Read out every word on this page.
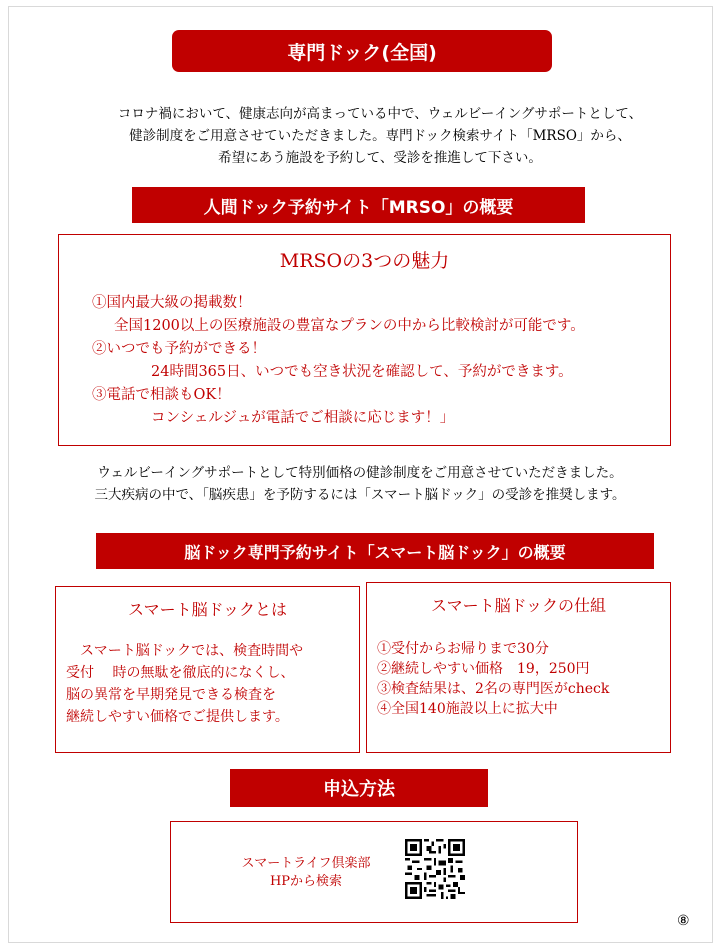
専門ドック(全国)
コロナ禍において、健康志向が高まっている中で、ウェルビーイングサポートとして、
健診制度をご用意させていただきました。専門ドック検索サイト「MRSO」から、
希望にあう施設を予約して、受診を推進して下さい。
人間ドック予約サイト「MRSO」の概要
MRSOの3つの魅力
①国内最大級の掲載数！
全国1200以上の医療施設の豊富なプランの中から比較検討が可能です。
②いつでも予約ができる！
24時間365日、いつでも空き状況を確認して、予約ができます。
③電話で相談もOK！
コンシェルジュが電話でご相談に応じます！」
ウェルビーイングサポートとして特別価格の健診制度をご用意させていただきました。
三大疾病の中で、「脳疾患」を予防するには「スマート脳ドック」の受診を推奨します。
脳ドック専門予約サイト「スマート脳ドック」の概要
スマート脳ドックとは
スマート脳ドックでは、検査時間や
受付　 時の無駄を徹底的になくし、
脳の異常を早期発見できる検査を
継続しやすい価格でご提供します。
スマート脳ドックの仕組
①受付からお帰りまで30分
②継続しやすい価格　19，250円
③検査結果は、2名の専門医がcheck
④全国140施設以上に拡大中
申込方法
スマートライフ倶楽部
HPから検索
⑧
